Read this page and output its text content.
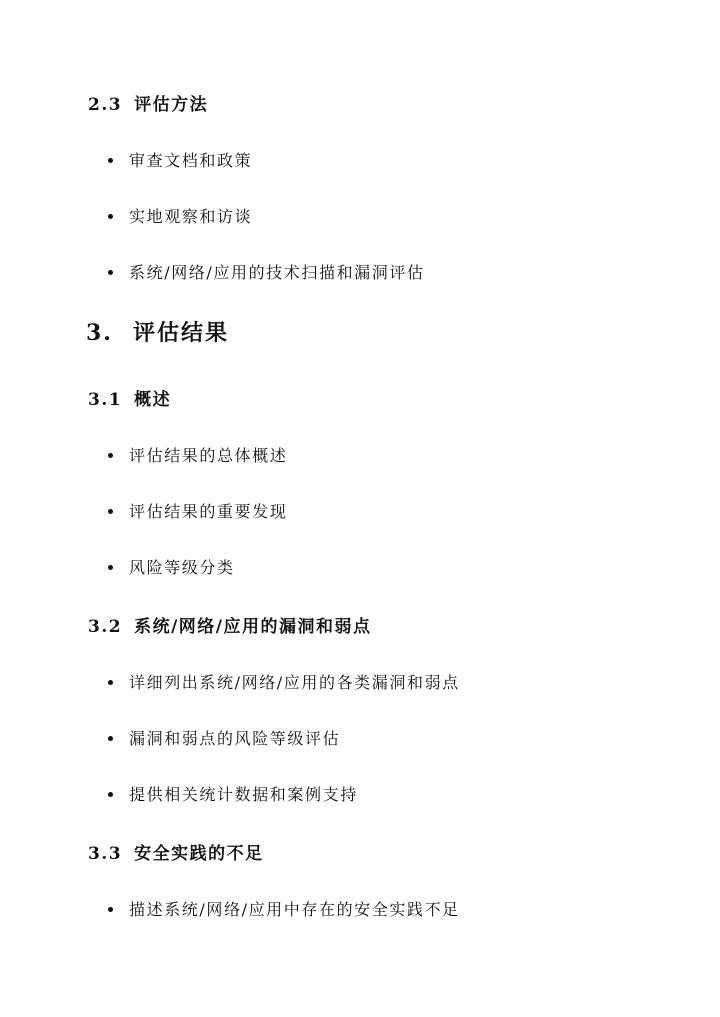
2.3 评估方法
审查文档和政策
实地观察和访谈
系统/网络/应用的技术扫描和漏洞评估
3. 评估结果
3.1 概述
评估结果的总体概述
评估结果的重要发现
风险等级分类
3.2 系统/网络/应用的漏洞和弱点
详细列出系统/网络/应用的各类漏洞和弱点
漏洞和弱点的风险等级评估
提供相关统计数据和案例支持
3.3 安全实践的不足
描述系统/网络/应用中存在的安全实践不足
